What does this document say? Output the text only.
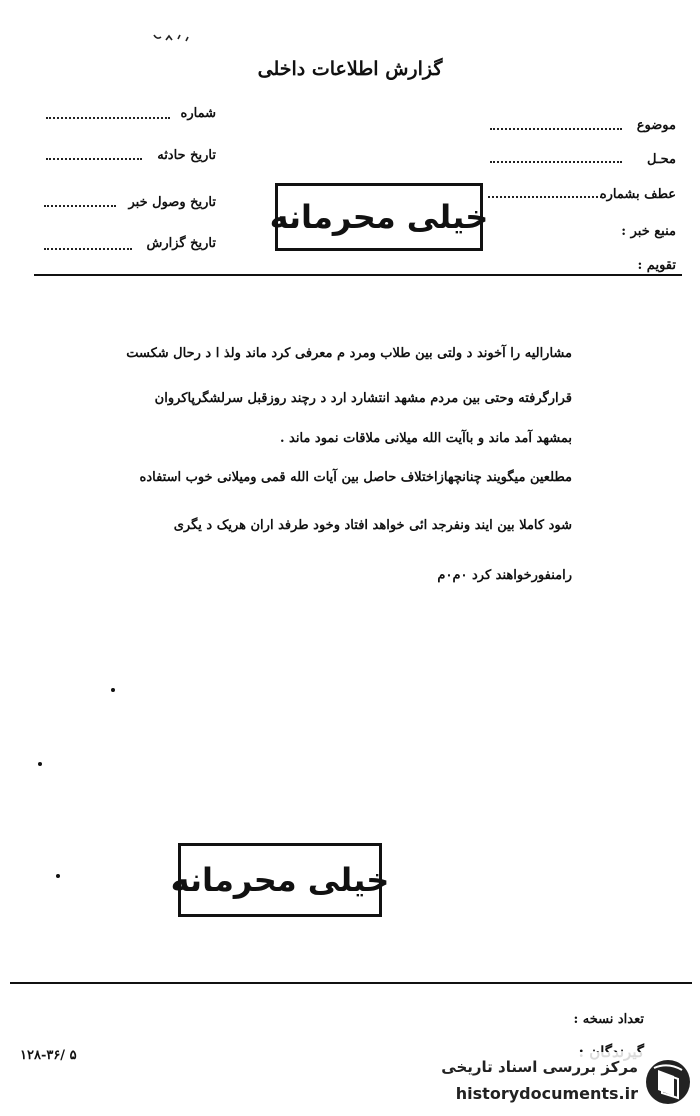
گزارش اطلاعات داخلی
موضوع
محـل
عطف بشماره
منبع خبر :
تقویم :
شماره
تاریخ حادثه
تاریخ وصول خبر
تاریخ گزارش
خیلی محرمانه
مشارالیه را آخوند د ولتی بین طلاب ومرد م معرفی کرد ماند ولذ ا د رحال شکست
قرارگرفته وحتی بین مردم مشهد انتشارد ارد د رچند روزقبل سرلشگرپاکروان
بمشهد آمد ماند و باآیت الله میلانی ملاقات نمود ماند .
مطلعین میگویند چنانچهازاختلاف حاصل بین آیات الله قمی ومیلانی خوب استفاده
شود کاملا بین ایند ونفرجد ائی خواهد افتاد وخود طرفد اران هریک د یگری
رامنفورخواهند کرد ۰م۰م
خیلی محرمانه
تعداد نسخه :
۱۲۸-۳۶/ ۵
مرکز بررسی اسناد تاریخی
historydocuments.ir
